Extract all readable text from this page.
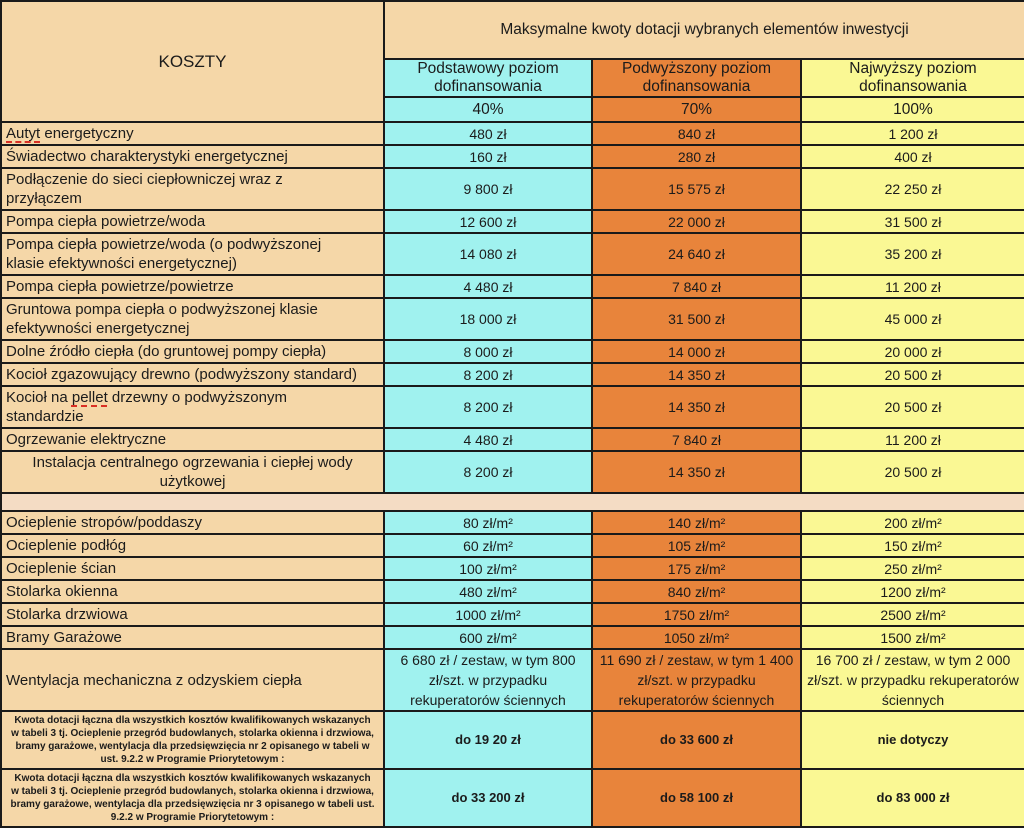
KOSZTY	Maksymalne kwoty dotacji wybranych elementów inwestycji		
	Podstawowy poziom dofinansowania	Podwyższony poziom dofinansowania	Najwyższy poziom dofinansowania
	40%	70%	100%
Autyt energetyczny	480 zł	840 zł	1 200 zł
Świadectwo charakterystyki energetycznej	160 zł	280 zł	400 zł
Podłączenie do sieci ciepłowniczej wraz z przyłączem	9 800 zł	15 575 zł	22 250 zł
Pompa ciepła powietrze/woda	12 600 zł	22 000 zł	31 500 zł
Pompa ciepła powietrze/woda (o podwyższonej klasie efektywności energetycznej)	14 080 zł	24 640 zł	35 200 zł
Pompa ciepła powietrze/powietrze	4 480 zł	7 840 zł	11 200 zł
Gruntowa pompa ciepła o podwyższonej klasie efektywności energetycznej	18 000 zł	31 500 zł	45 000 zł
Dolne źródło ciepła (do gruntowej pompy ciepła)	8 000 zł	14 000 zł	20 000 zł
Kocioł zgazowujący drewno (podwyższony standard)	8 200 zł	14 350 zł	20 500 zł
Kocioł na pellet drzewny o podwyższonym standardzie	8 200 zł	14 350 zł	20 500 zł
Ogrzewanie elektryczne	4 480 zł	7 840 zł	11 200 zł
Instalacja centralnego ogrzewania i ciepłej wody użytkowej	8 200 zł	14 350 zł	20 500 zł

Ocieplenie stropów/poddaszy	80 zł/m²	140 zł/m²	200 zł/m²
Ocieplenie podłóg	60 zł/m²	105 zł/m²	150 zł/m²
Ocieplenie ścian	100 zł/m²	175 zł/m²	250 zł/m²
Stolarka okienna	480 zł/m²	840 zł/m²	1200 zł/m²
Stolarka drzwiowa	1000 zł/m²	1750 zł/m²	2500 zł/m²
Bramy Garażowe	600 zł/m²	1050 zł/m²	1500 zł/m²
Wentylacja mechaniczna z odzyskiem ciepła	6 680 zł / zestaw, w tym 800 zł/szt. w przypadku rekuperatorów ściennych	11 690 zł / zestaw, w tym 1 400 zł/szt. w przypadku rekuperatorów ściennych	16 700 zł / zestaw, w tym 2 000 zł/szt. w przypadku rekuperatorów ściennych
Kwota dotacji łączna dla wszystkich kosztów kwalifikowanych wskazanych w tabeli 3 tj. Ocieplenie przegród budowlanych, stolarka okienna i drzwiowa, bramy garażowe, wentylacja dla przedsięwzięcia nr 2 opisanego w tabeli w ust. 9.2.2 w Programie Priorytetowym :	do 19 20 zł	do 33 600 zł	nie dotyczy
Kwota dotacji łączna dla wszystkich kosztów kwalifikowanych wskazanych w tabeli 3 tj. Ocieplenie przegród budowlanych, stolarka okienna i drzwiowa, bramy garażowe, wentylacja dla przedsięwzięcia nr 3 opisanego w tabeli ust. 9.2.2 w Programie Priorytetowym :	do 33 200 zł	do 58 100 zł	do 83 000 zł
